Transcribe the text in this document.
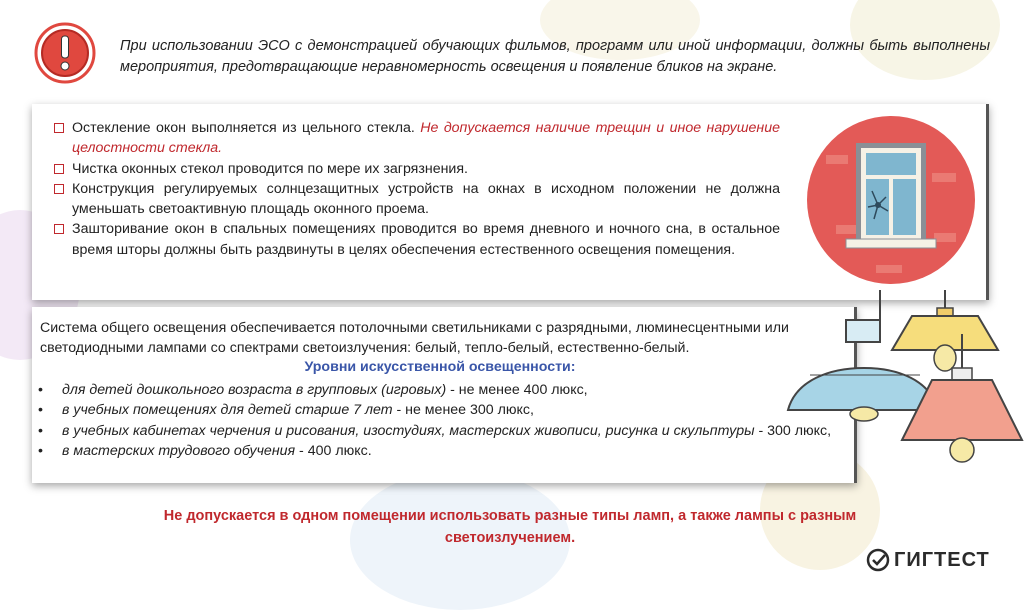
При использовании ЭСО с демонстрацией обучающих фильмов, программ или иной информации, должны быть выполнены мероприятия, предотвращающие неравномерность освещения и появление бликов на экране.
Остекление окон выполняется из цельного стекла. Не допускается наличие трещин и иное нарушение целостности стекла.
Чистка оконных стекол проводится по мере их загрязнения.
Конструкция регулируемых солнцезащитных устройств на окнах в исходном положении не должна уменьшать светоактивную площадь оконного проема.
Зашторивание окон в спальных помещениях проводится во время дневного и ночного сна, в остальное время шторы должны быть раздвинуты в целях обеспечения естественного освещения помещения.
Система общего освещения обеспечивается потолочными светильниками с разрядными, люминесцентными или светодиодными лампами со спектрами светоизлучения: белый, тепло-белый, естественно-белый.
Уровни искусственной освещенности:
• для детей дошкольного возраста в групповых (игровых) - не менее 400 люкс,
• в учебных помещениях для детей старше 7 лет - не менее 300 люкс,
• в учебных кабинетах черчения и рисования, изостудиях, мастерских живописи, рисунка и скульптуры - 300 люкс,
• в мастерских трудового обучения - 400 люкс.
Не допускается в одном помещении использовать разные типы ламп, а также лампы с разным
светоизлучением.
ГИГТЕСТ
